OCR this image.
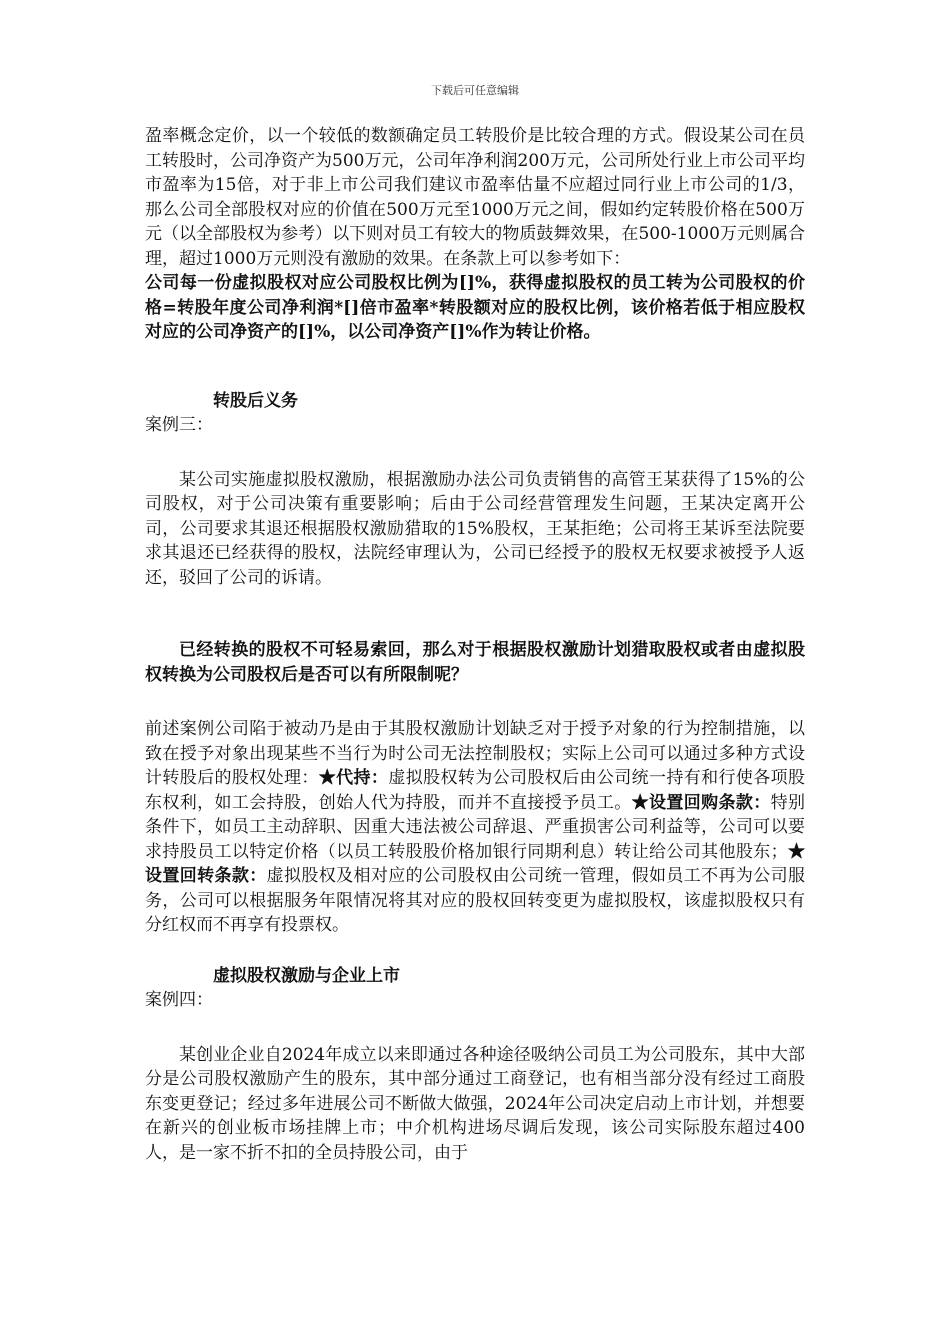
下载后可任意编辑

盈率概念定价，以一个较低的数额确定员工转股价是比较合理的方式。假设某公司在员工转股时，公司净资产为500万元，公司年净利润200万元，公司所处行业上市公司平均市盈率为15倍，对于非上市公司我们建议市盈率估量不应超过同行业上市公司的1/3，那么公司全部股权对应的价值在500万元至1000万元之间，假如约定转股价格在500万元（以全部股权为参考）以下则对员工有较大的物质鼓舞效果，在500-1000万元则属合理，超过1000万元则没有激励的效果。在条款上可以参考如下：

公司每一份虚拟股权对应公司股权比例为[]%，获得虚拟股权的员工转为公司股权的价格=转股年度公司净利润*[]倍市盈率*转股额对应的股权比例，该价格若低于相应股权对应的公司净资产的[]%，以公司净资产[]%作为转让价格。

转股后义务

案例三：

某公司实施虚拟股权激励，根据激励办法公司负责销售的高管王某获得了15%的公司股权，对于公司决策有重要影响；后由于公司经营管理发生问题，王某决定离开公司，公司要求其退还根据股权激励猎取的15%股权，王某拒绝；公司将王某诉至法院要求其退还已经获得的股权，法院经审理认为，公司已经授予的股权无权要求被授予人返还，驳回了公司的诉请。

已经转换的股权不可轻易索回，那么对于根据股权激励计划猎取股权或者由虚拟股权转换为公司股权后是否可以有所限制呢？

前述案例公司陷于被动乃是由于其股权激励计划缺乏对于授予对象的行为控制措施，以致在授予对象出现某些不当行为时公司无法控制股权；实际上公司可以通过多种方式设计转股后的股权处理：★代持：虚拟股权转为公司股权后由公司统一持有和行使各项股东权利，如工会持股，创始人代为持股，而并不直接授予员工。★设置回购条款：特别条件下，如员工主动辞职、因重大违法被公司辞退、严重损害公司利益等，公司可以要求持股员工以特定价格（以员工转股股价格加银行同期利息）转让给公司其他股东；★设置回转条款：虚拟股权及相对应的公司股权由公司统一管理，假如员工不再为公司服务，公司可以根据服务年限情况将其对应的股权回转变更为虚拟股权，该虚拟股权只有分红权而不再享有投票权。

虚拟股权激励与企业上市

案例四：

某创业企业自2024年成立以来即通过各种途径吸纳公司员工为公司股东，其中大部分是公司股权激励产生的股东，其中部分通过工商登记，也有相当部分没有经过工商股东变更登记；经过多年进展公司不断做大做强，2024年公司决定启动上市计划，并想要在新兴的创业板市场挂牌上市；中介机构进场尽调后发现，该公司实际股东超过400人，是一家不折不扣的全员持股公司，由于
